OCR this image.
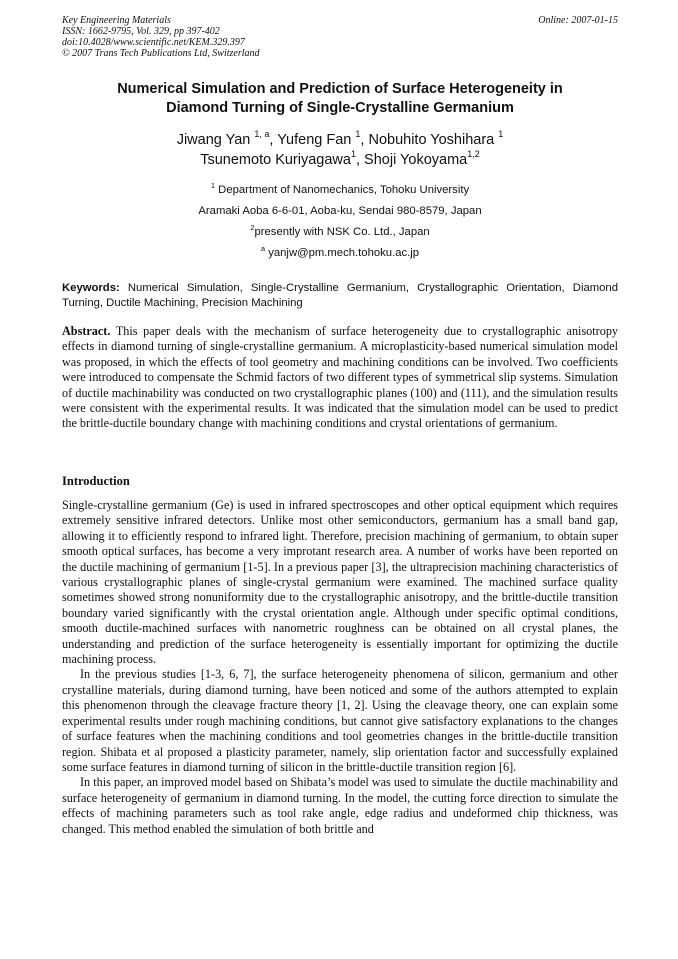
Key Engineering Materials
ISSN: 1662-9795, Vol. 329, pp 397-402
doi:10.4028/www.scientific.net/KEM.329.397
© 2007 Trans Tech Publications Ltd, Switzerland
Online: 2007-01-15
Numerical Simulation and Prediction of Surface Heterogeneity in
Diamond Turning of Single-Crystalline Germanium
Jiwang Yan $^{1, a}$, Yufeng Fan $^1$, Nobuhito Yoshihara $^1$
Tsunemoto Kuriyagawa$^1$, Shoji Yokoyama$^{1,2}$
$^1$ Department of Nanomechanics, Tohoku University
Aramaki Aoba 6-6-01, Aoba-ku, Sendai 980-8579, Japan
$^2$presently with NSK Co. Ltd., Japan
$^a$ yanjw@pm.mech.tohoku.ac.jp
Keywords: Numerical Simulation, Single-Crystalline Germanium, Crystallographic Orientation, Diamond Turning, Ductile Machining, Precision Machining
Abstract. This paper deals with the mechanism of surface heterogeneity due to crystallographic anisotropy effects in diamond turning of single-crystalline germanium. A microplasticity-based numerical simulation model was proposed, in which the effects of tool geometry and machining conditions can be involved. Two coefficients were introduced to compensate the Schmid factors of two different types of symmetrical slip systems. Simulation of ductile machinability was conducted on two crystallographic planes (100) and (111), and the simulation results were consistent with the experimental results. It was indicated that the simulation model can be used to predict the brittle-ductile boundary change with machining conditions and crystal orientations of germanium.
Introduction

Single-crystalline germanium (Ge) is used in infrared spectroscopes and other optical equipment which requires extremely sensitive infrared detectors. Unlike most other semiconductors, germanium has a small band gap, allowing it to efficiently respond to infrared light. Therefore, precision machining of germanium, to obtain super smooth optical surfaces, has become a very improtant research area. A number of works have been reported on the ductile machining of germanium [1-5]. In a previous paper [3], the ultraprecision machining characteristics of various crystallographic planes of single-crystal germanium were examined. The machined surface quality sometimes showed strong nonuniformity due to the crystallographic anisotropy, and the brittle-ductile transition boundary varied significantly with the crystal orientation angle. Although under specific optimal conditions, smooth ductile-machined surfaces with nanometric roughness can be obtained on all crystal planes, the understanding and prediction of the surface heterogeneity is essentially important for optimizing the ductile machining process.

In the previous studies [1-3, 6, 7], the surface heterogeneity phenomena of silicon, germanium and other crystalline materials, during diamond turning, have been noticed and some of the authors attempted to explain this phenomenon through the cleavage fracture theory [1, 2]. Using the cleavage theory, one can explain some experimental results under rough machining conditions, but cannot give satisfactory explanations to the changes of surface features when the machining conditions and tool geometries changes in the brittle-ductile transition region. Shibata et al proposed a plasticity parameter, namely, slip orientation factor and successfully explained some surface features in diamond turning of silicon in the brittle-ductile transition region [6].

In this paper, an improved model based on Shibata’s model was used to simulate the ductile machinability and surface heterogeneity of germanium in diamond turning. In the model, the cutting force direction to simulate the effects of machining parameters such as tool rake angle, edge radius and undeformed chip thickness, was changed. This method enabled the simulation of both brittle and
